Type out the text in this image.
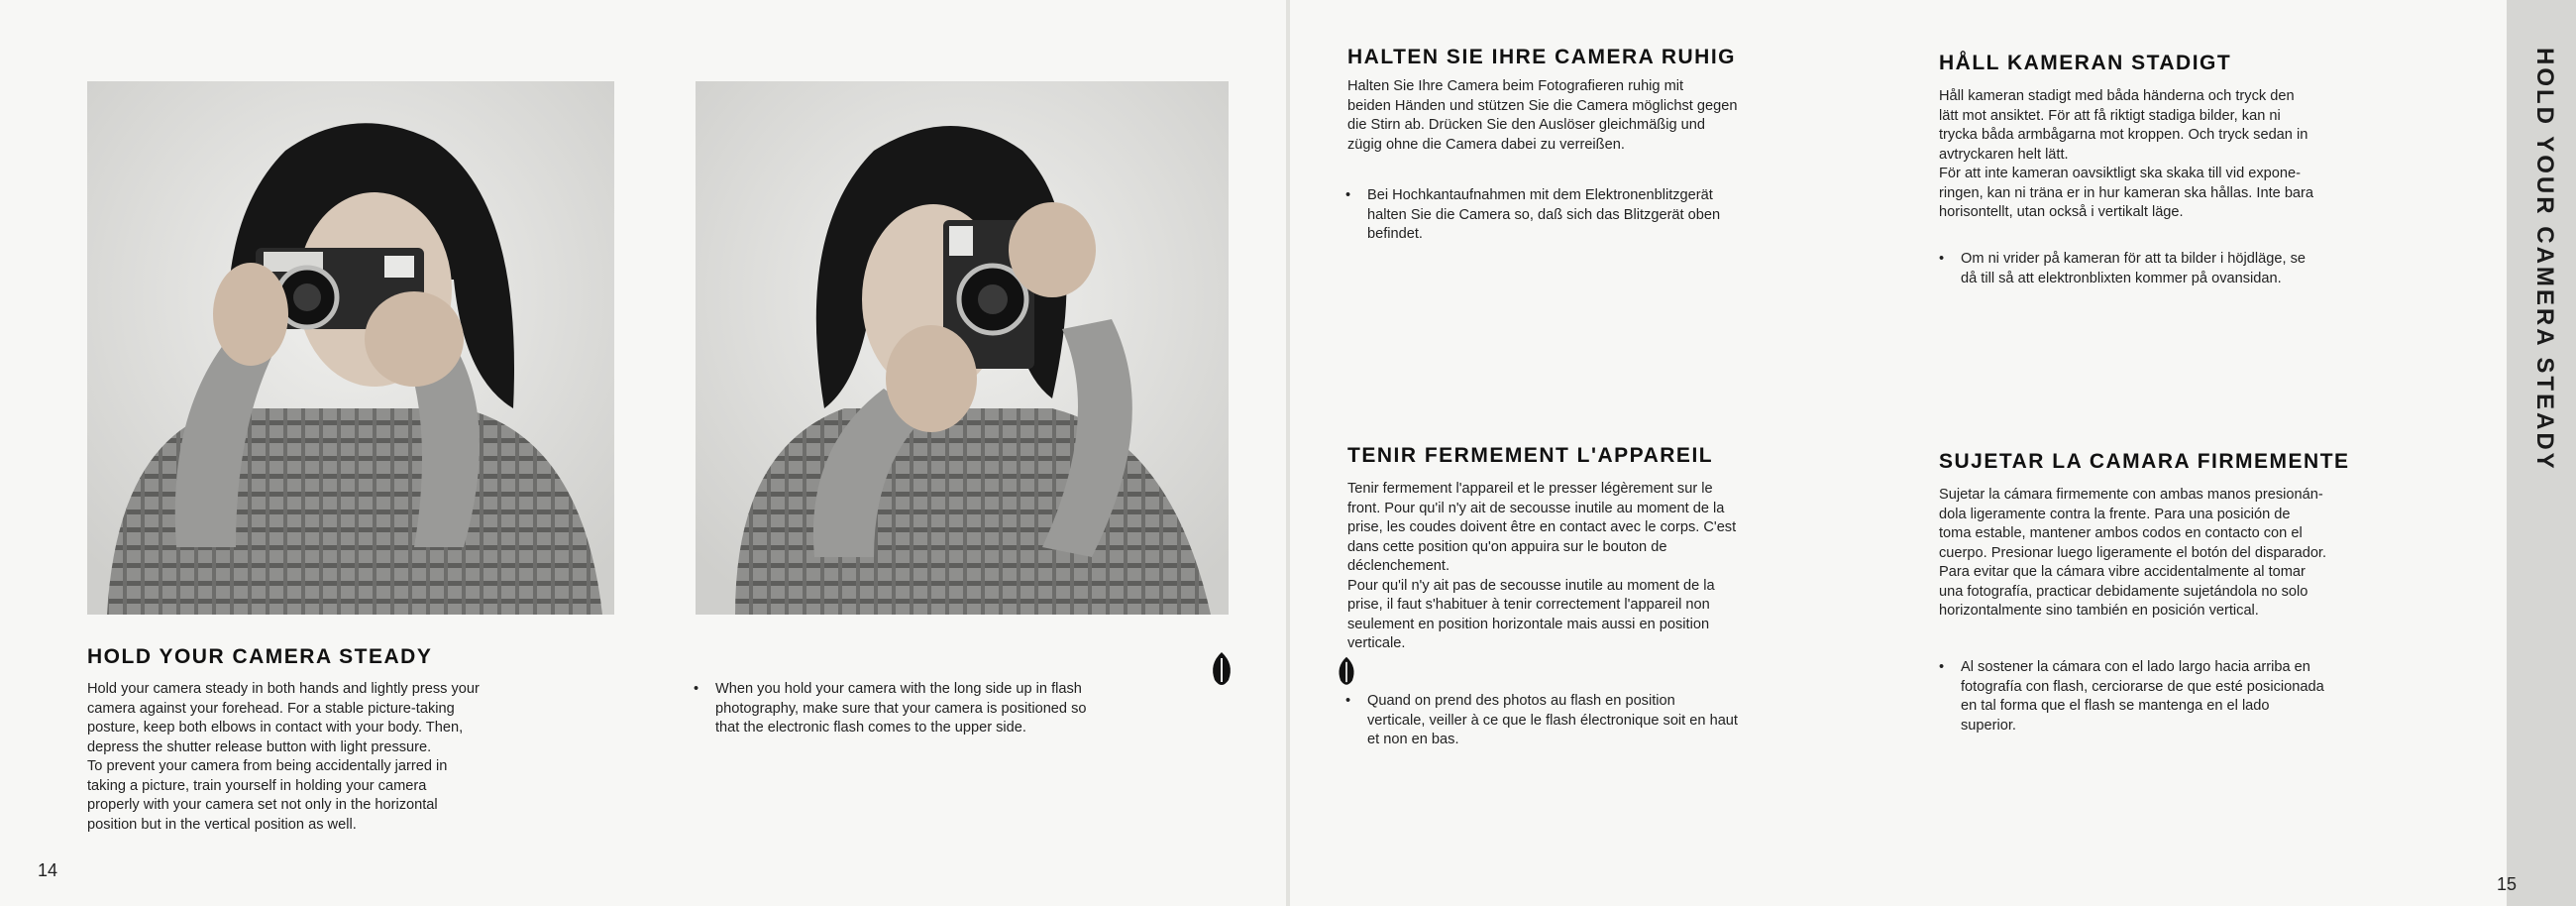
HOLD YOUR CAMERA STEADY

Hold your camera steady in both hands and lightly press your
camera against your forehead. For a stable picture-taking
posture, keep both elbows in contact with your body. Then,
depress the shutter release button with light pressure.
To prevent your camera from being accidentally jarred in
taking a picture, train yourself in holding your camera
properly with your camera set not only in the horizontal
position but in the vertical position as well.

•	When you hold your camera with the long side up in flash
photography, make sure that your camera is positioned so
that the electronic flash comes to the upper side.
14
HALTEN SIE IHRE CAMERA RUHIG

Halten Sie Ihre Camera beim Fotografieren ruhig mit
beiden Händen und stützen Sie die Camera möglichst gegen
die Stirn ab. Drücken Sie den Auslöser gleichmäßig und
zügig ohne die Camera dabei zu verreißen.

•	Bei Hochkantaufnahmen mit dem Elektronenblitzgerät
halten Sie die Camera so, daß sich das Blitzgerät oben
befindet.
HÅLL KAMERAN STADIGT

Håll kameran stadigt med båda händerna och tryck den
lätt mot ansiktet. För att få riktigt stadiga bilder, kan ni
trycka båda armbågarna mot kroppen. Och tryck sedan in
avtryckaren helt lätt.
För att inte kameran oavsiktligt ska skaka till vid expone-
ringen, kan ni träna er in hur kameran ska hållas. Inte bara
horisontellt, utan också i vertikalt läge.

•	Om ni vrider på kameran för att ta bilder i höjdläge, se
då till så att elektronblixten kommer på ovansidan.
TENIR FERMEMENT L'APPAREIL

Tenir fermement l'appareil et le presser légèrement sur le
front. Pour qu'il n'y ait de secousse inutile au moment de la
prise, les coudes doivent être en contact avec le corps. C'est
dans cette position qu'on appuira sur le bouton de
déclenchement.
Pour qu'il n'y ait pas de secousse inutile au moment de la
prise, il faut s'habituer à tenir correctement l'appareil non
seulement en position horizontale mais aussi en position
verticale.

•	Quand on prend des photos au flash en position
verticale, veiller à ce que le flash électronique soit en haut
et non en bas.
SUJETAR LA CAMARA FIRMEMENTE

Sujetar la cámara firmemente con ambas manos presionán-
dola ligeramente contra la frente. Para una posición de
toma estable, mantener ambos codos en contacto con el
cuerpo. Presionar luego ligeramente el botón del disparador.
Para evitar que la cámara vibre accidentalmente al tomar
una fotografía, practicar debidamente sujetándola no solo
horizontalmente sino también en posición vertical.

•	Al sostener la cámara con el lado largo hacia arriba en
fotografía con flash, cerciorarse de que esté posicionada
en tal forma que el flash se mantenga en el lado
superior.
HOLD YOUR CAMERA STEADY
15
